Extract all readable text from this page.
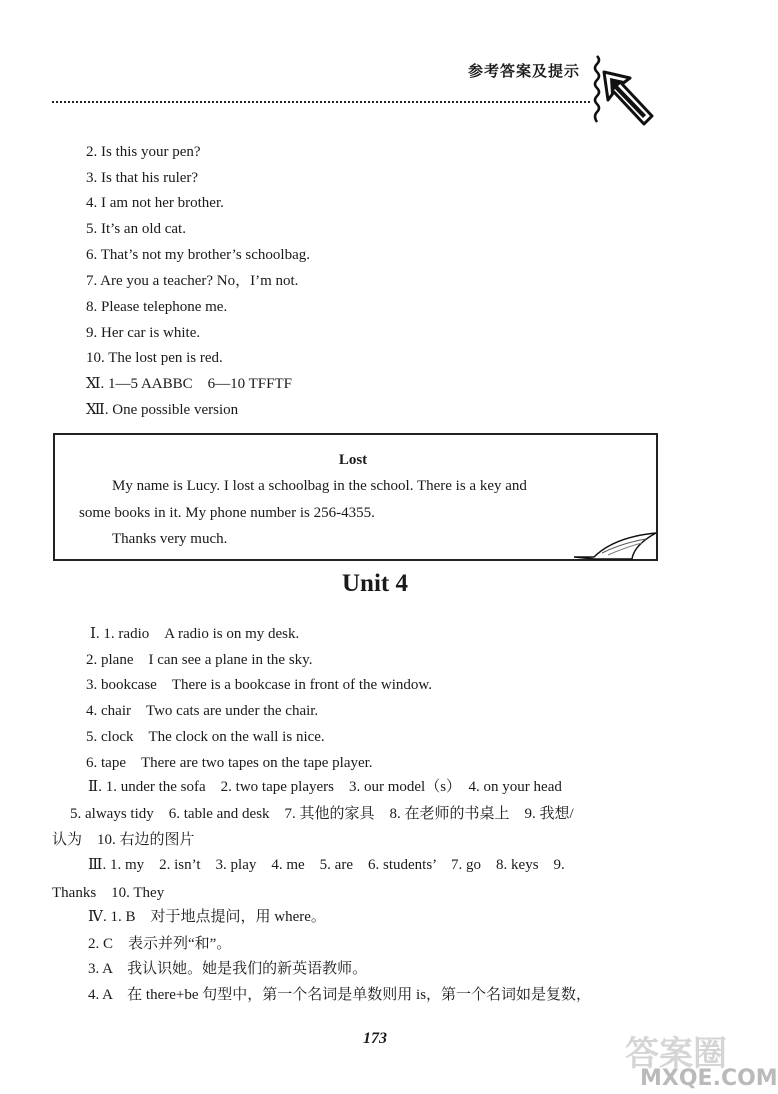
参考答案及提示
2. Is this your pen?
3. Is that his ruler?
4. I am not her brother.
5. It’s an old cat.
6. That’s not my brother’s schoolbag.
7. Are you a teacher? No，I’m not.
8. Please telephone me.
9. Her car is white.
10. The lost pen is red.
Ⅺ. 1—5 AABBC　6—10 TFFTF
Ⅻ. One possible version
Lost
My name is Lucy. I lost a schoolbag in the school. There is a key and
some books in it. My phone number is 256-4355.
Thanks very much.
Unit 4
Ⅰ. 1. radio　A radio is on my desk.
2. plane　I can see a plane in the sky.
3. bookcase　There is a bookcase in front of the window.
4. chair　Two cats are under the chair.
5. clock　The clock on the wall is nice.
6. tape　There are two tapes on the tape player.
Ⅱ. 1. under the sofa　2. two tape players　3. our model（s）　4. on your head
5. always tidy　6. table and desk　7. 其他的家具　8. 在老师的书桌上　9. 我想/
认为　10. 右边的图片
Ⅲ. 1. my　2. isn’t　3. play　4. me　5. are　6. students’　7. go　8. keys　9.
Thanks　10. They
Ⅳ. 1. B　对于地点提问，用 where。
2. C　表示并列“和”。
3. A　我认识她。她是我们的新英语教师。
4. A　在 there+be 句型中，第一个名词是单数则用 is，第一个名词如是复数，
173	答案圈
MXQE.COM
